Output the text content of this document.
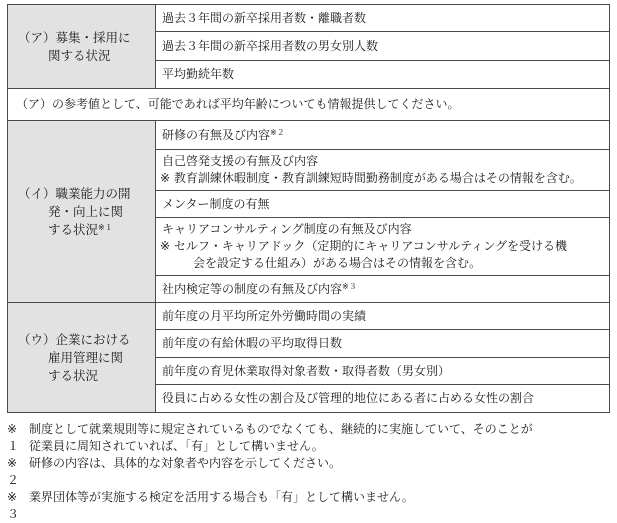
（ア）募集・採用に
関する状況	過去３年間の新卒採用者数・離職者数
	過去３年間の新卒採用者数の男女別人数
	平均勤続年数
（ア）の参考値として、可能であれば平均年齢についても情報提供してください。	

（イ）職業能力の開
発・向上に関
する状況$^{※1}$	研修の有無及び内容$^{※2}$
	自己啓発支援の有無及び内容
※ 教育訓練休暇制度・教育訓練短時間勤務制度がある場合はその情報を含む。

	メンター制度の有無
	キャリアコンサルティング制度の有無及び内容
※ セルフ・キャリアドック（定期的にキャリアコンサルティングを受ける機
会を設定する仕組み）がある場合はその情報を含む。

	社内検定等の制度の有無及び内容$^{※3}$

（ウ）企業における
雇用管理に関
する状況	前年度の月平均所定外労働時間の実績
	前年度の有給休暇の平均取得日数
	前年度の育児休業取得対象者数・取得者数（男女別）
	役員に占める女性の割合及び管理的地位にある者に占める女性の割合
※１
制度として就業規則等に規定されているものでなくても、継続的に実施していて、そのことが
従業員に周知されていれば、「有」として構いません。
※２
研修の内容は、具体的な対象者や内容を示してください。
※３
業界団体等が実施する検定を活用する場合も「有」として構いません。
